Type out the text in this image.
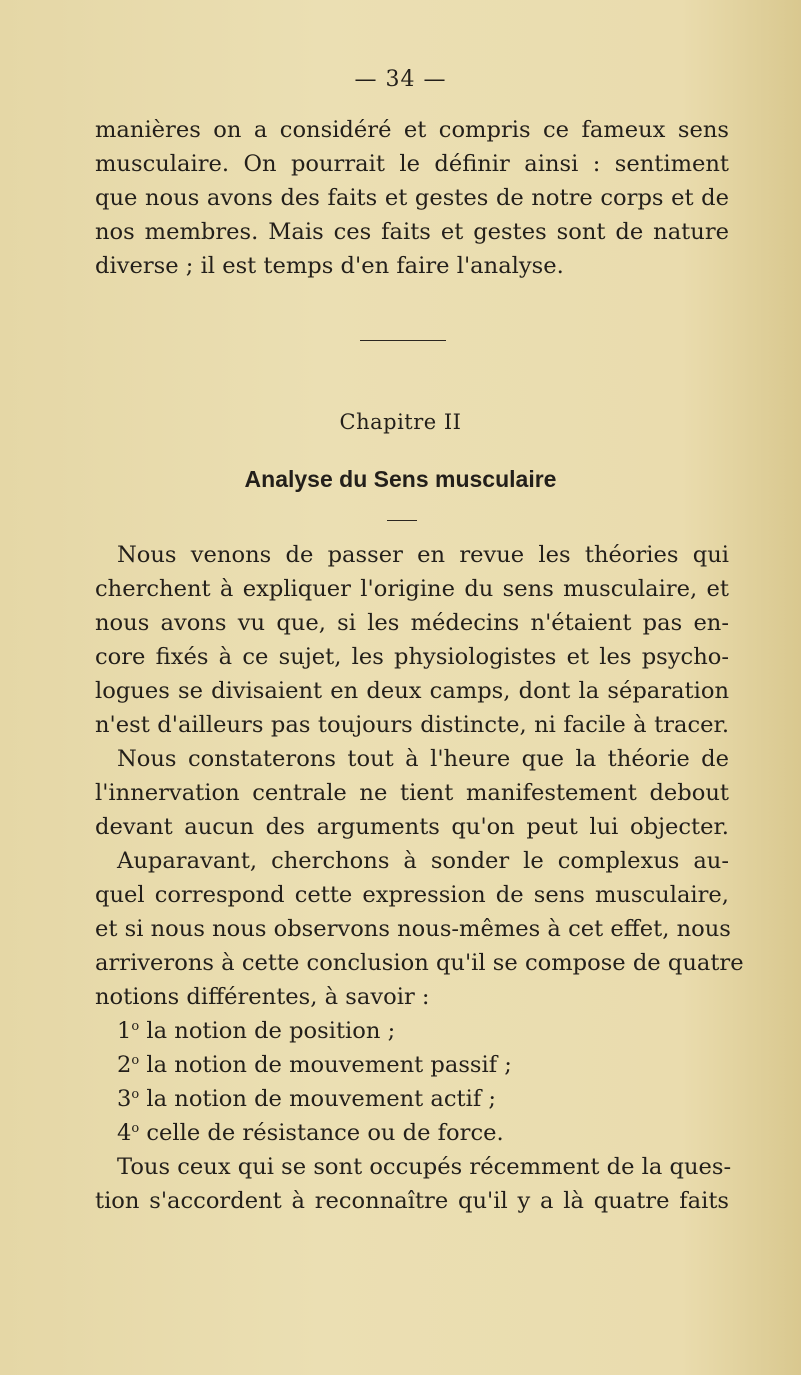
— 34 —
manières on a considéré et compris ce fameux sens
musculaire. On pourrait le définir ainsi : sentiment
que nous avons des faits et gestes de notre corps et de
nos membres. Mais ces faits et gestes sont de nature
diverse ; il est temps d'en faire l'analyse.
Chapitre II
Analyse du Sens musculaire
Nous venons de passer en revue les théories qui
cherchent à expliquer l'origine du sens musculaire, et
nous avons vu que, si les médecins n'étaient pas en-
core fixés à ce sujet, les physiologistes et les psycho-
logues se divisaient en deux camps, dont la séparation
n'est d'ailleurs pas toujours distincte, ni facile à tracer.
Nous constaterons tout à l'heure que la théorie de
l'innervation centrale ne tient manifestement debout
devant aucun des arguments qu'on peut lui objecter.
Auparavant, cherchons à sonder le complexus au-
quel correspond cette expression de sens musculaire,
et si nous nous observons nous-mêmes à cet effet, nous
arriverons à cette conclusion qu'il se compose de quatre
notions différentes, à savoir :
1$^o$ la notion de position ;
2$^o$ la notion de mouvement passif ;
3$^o$ la notion de mouvement actif ;
4$^o$ celle de résistance ou de force.
Tous ceux qui se sont occupés récemment de la ques-
tion s'accordent à reconnaître qu'il y a là quatre faits
